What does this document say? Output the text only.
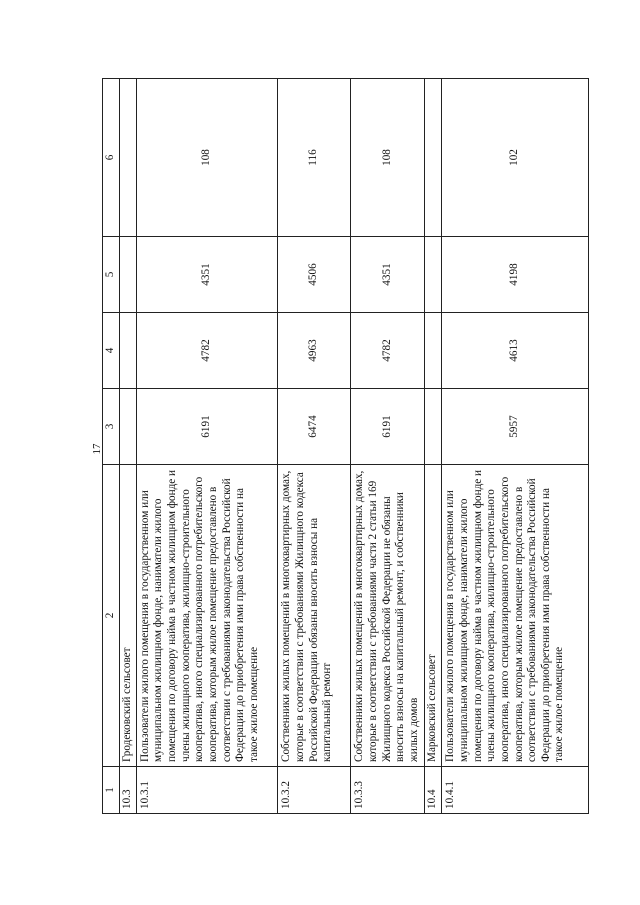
17
1	2	3	4	5	6
10.3	Гродековский сельсовет				
10.3.1	Пользователи жилого помещения в государственном или муниципальном жилищном фонде, наниматели жилого помещения по договору найма в частном жилищном фонде и члены жилищного кооператива, жилищно-строительного кооператива, иного специализированного потребительского кооператива, которым жилое помещение предоставлено в соответствии с требованиями законодательства Российской Федерации до приобретения ими права собственности на такое жилое помещение	6191	4782	4351	108
10.3.2	Собственники жилых помещений в многоквартирных домах, которые в соответствии с требованиями Жилищного кодекса Российской Федерации обязаны вносить взносы на капитальный ремонт	6474	4963	4506	116
10.3.3	Собственники жилых помещений в многоквартирных домах, которые в соответствии с требованиями части 2 статьи 169 Жилищного кодекса Российской Федерации не обязаны вносить взносы на капитальный ремонт, и собственники жилых домов	6191	4782	4351	108
10.4	Марковский сельсовет				
10.4.1	Пользователи жилого помещения в государственном или муниципальном жилищном фонде, наниматели жилого помещения по договору найма в частном жилищном фонде и члены жилищного кооператива, жилищно-строительного кооператива, иного специализированного потребительского кооператива, которым жилое помещение предоставлено в соответствии с требованиями законодательства Российской Федерации до приобретения ими права собственности на такое жилое помещение	5957	4613	4198	102
